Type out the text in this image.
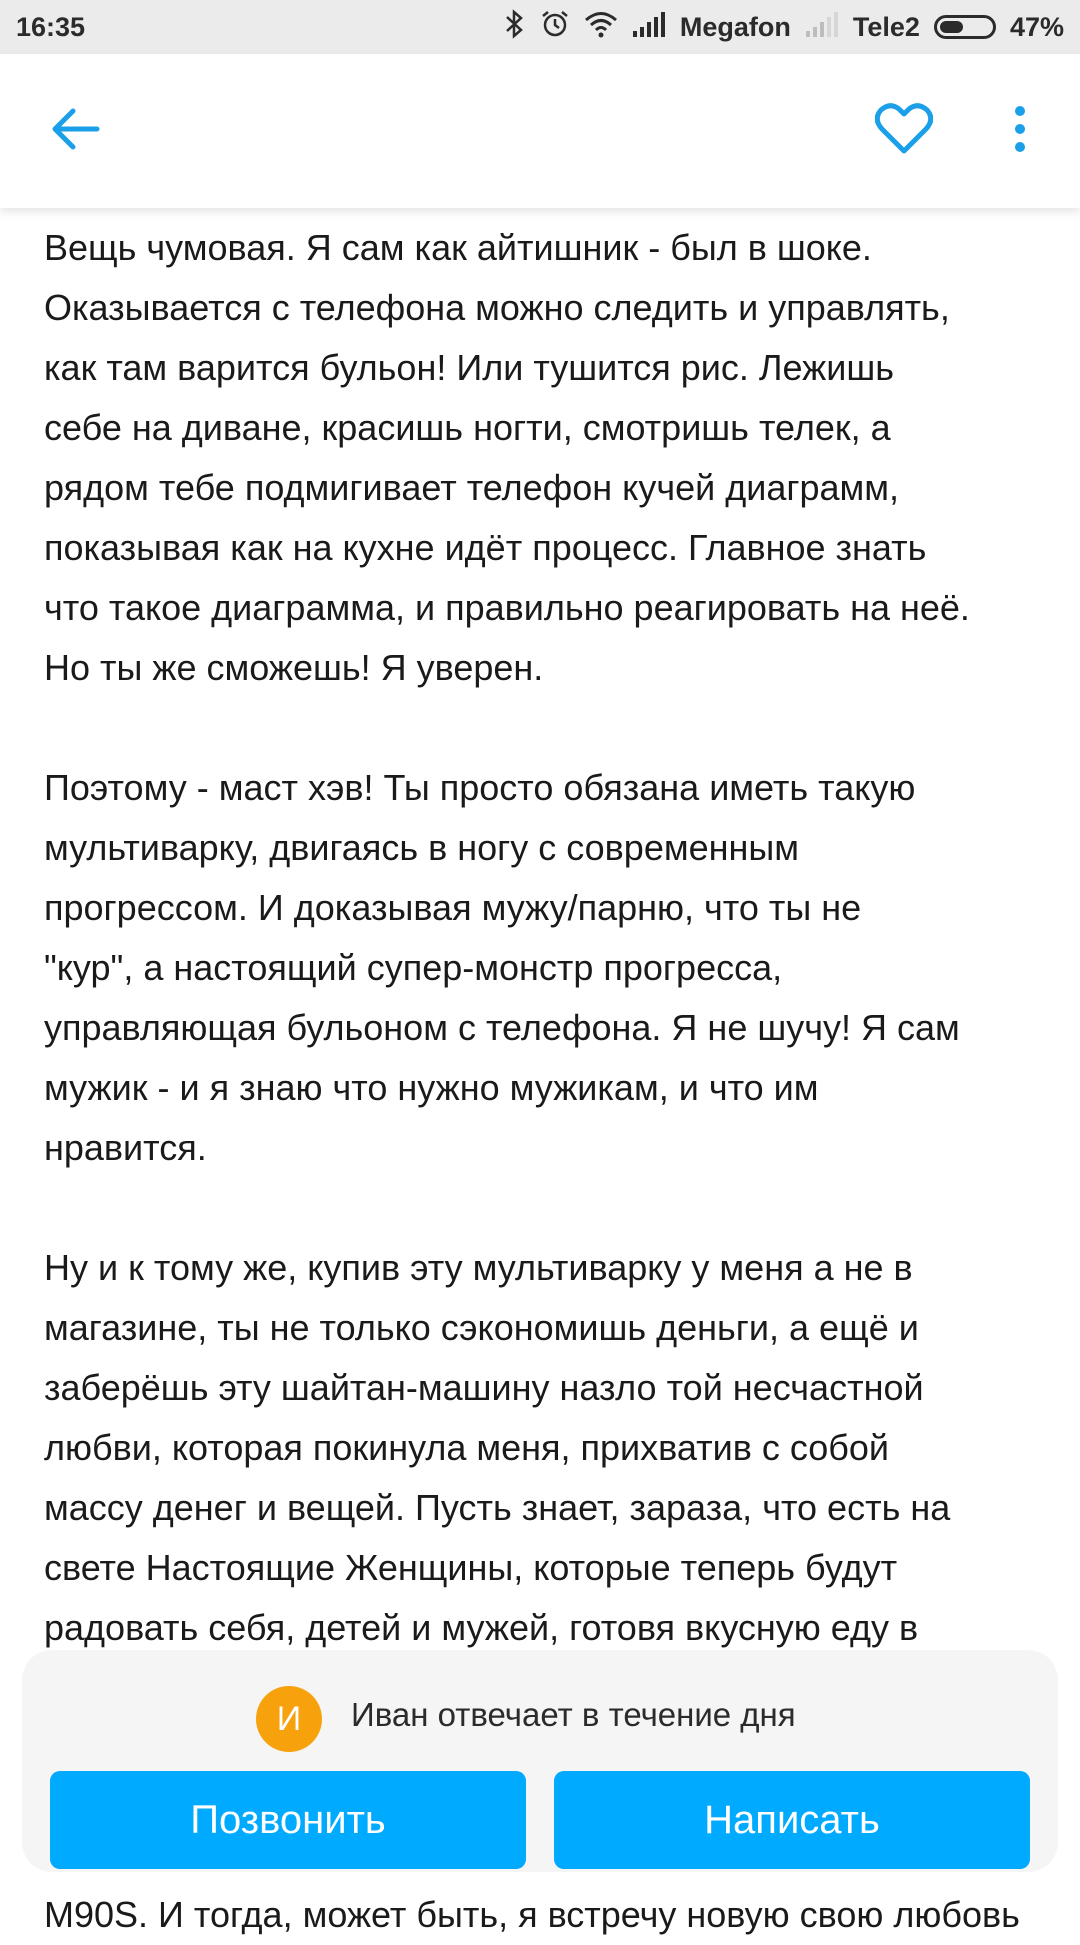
16:35	Megafon Tele2	47%

Вещь чумовая. Я сам как айтишник - был в шоке.
Оказывается с телефона можно следить и управлять,
как там варится бульон! Или тушится рис. Лежишь
себе на диване, красишь ногти, смотришь телек, а
рядом тебе подмигивает телефон кучей диаграмм,
показывая как на кухне идёт процесс. Главное знать
что такое диаграмма, и правильно реагировать на неё.
Но ты же сможешь! Я уверен.

Поэтому - маст хэв! Ты просто обязана иметь такую
мультиварку, двигаясь в ногу с современным
прогрессом. И доказывая мужу/парню, что ты не
"кур", а настоящий супер-монстр прогресса,
управляющая бульоном с телефона. Я не шучу! Я сам
мужик - и я знаю что нужно мужикам, и что им
нравится.

Ну и к тому же, купив эту мультиварку у меня а не в
магазине, ты не только сэкономишь деньги, а ещё и
заберёшь эту шайтан-машину назло той несчастной
любви, которая покинула меня, прихватив с собой
массу денег и вещей. Пусть знает, зараза, что есть на
свете Настоящие Женщины, которые теперь будут
радовать себя, детей и мужей, готовя вкусную еду в

И	Иван отвечает в течение дня
Позвонить	Написать
M90S. И тогда, может быть, я встречу новую свою любовь
